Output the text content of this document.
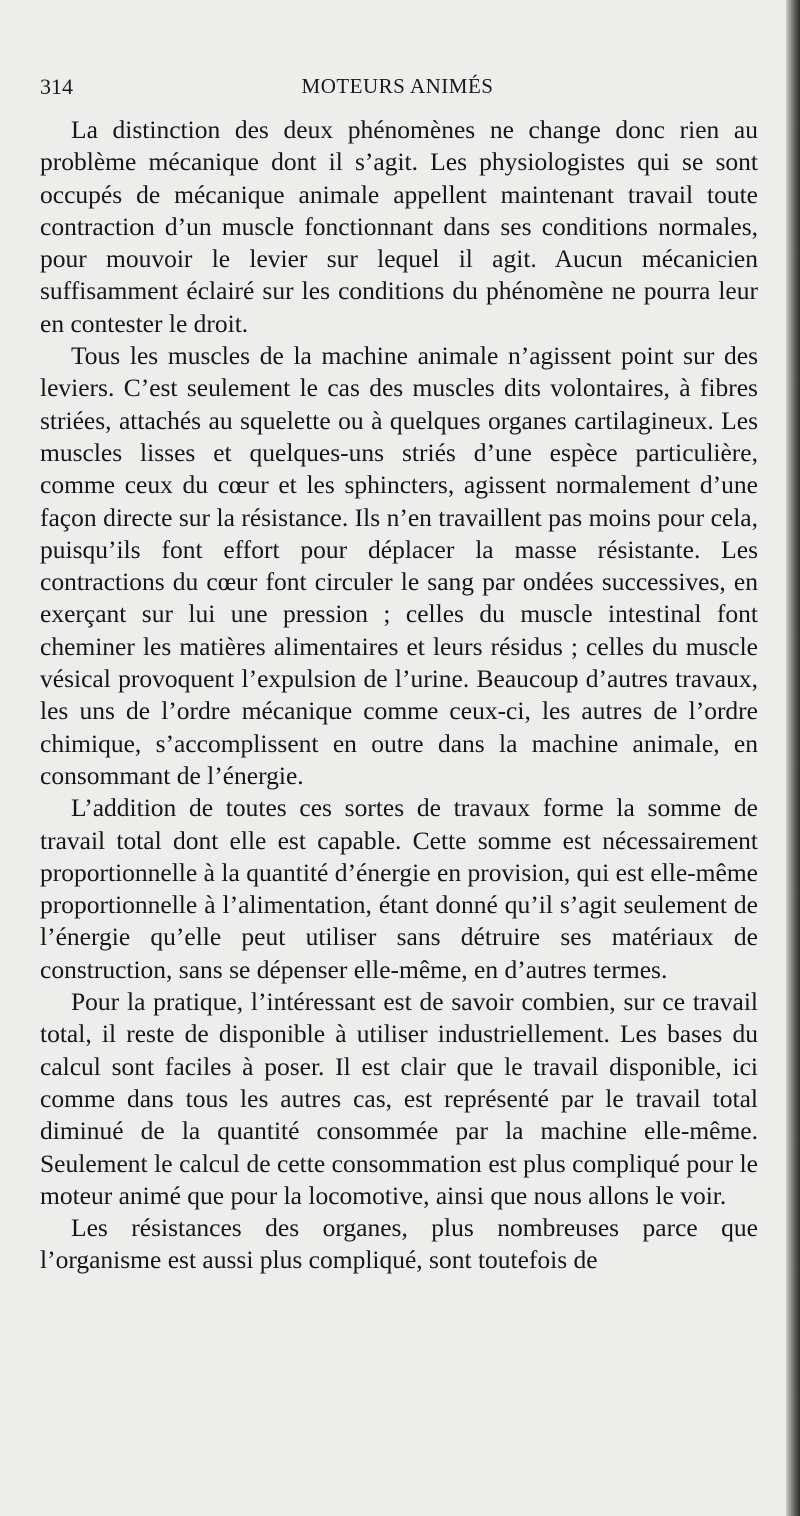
314	MOTEURS ANIMÉS

La distinction des deux phénomènes ne change donc rien au problème mécanique dont il s’agit. Les physiologistes qui se sont occupés de mécanique animale appellent maintenant travail toute contraction d’un muscle fonctionnant dans ses conditions normales, pour mouvoir le levier sur lequel il agit. Aucun mécanicien suffisamment éclairé sur les conditions du phénomène ne pourra leur en contester le droit.

Tous les muscles de la machine animale n’agissent point sur des leviers. C’est seulement le cas des muscles dits volontaires, à fibres striées, attachés au squelette ou à quelques organes cartilagineux. Les muscles lisses et quelques-uns striés d’une espèce particulière, comme ceux du cœur et les sphincters, agissent normalement d’une façon directe sur la résistance. Ils n’en travaillent pas moins pour cela, puisqu’ils font effort pour déplacer la masse résistante. Les contractions du cœur font circuler le sang par ondées successives, en exerçant sur lui une pression ; celles du muscle intestinal font cheminer les matières alimentaires et leurs résidus ; celles du muscle vésical provoquent l’expulsion de l’urine. Beaucoup d’autres travaux, les uns de l’ordre mécanique comme ceux-ci, les autres de l’ordre chimique, s’accomplissent en outre dans la machine animale, en consommant de l’énergie.

L’addition de toutes ces sortes de travaux forme la somme de travail total dont elle est capable. Cette somme est nécessairement proportionnelle à la quantité d’énergie en provision, qui est elle-même proportionnelle à l’alimentation, étant donné qu’il s’agit seulement de l’énergie qu’elle peut utiliser sans détruire ses matériaux de construction, sans se dépenser elle-même, en d’autres termes.

Pour la pratique, l’intéressant est de savoir combien, sur ce travail total, il reste de disponible à utiliser industriellement. Les bases du calcul sont faciles à poser. Il est clair que le travail disponible, ici comme dans tous les autres cas, est représenté par le travail total diminué de la quantité consommée par la machine elle-même. Seulement le calcul de cette consommation est plus compliqué pour le moteur animé que pour la locomotive, ainsi que nous allons le voir.

Les résistances des organes, plus nombreuses parce que l’organisme est aussi plus compliqué, sont toutefois de
